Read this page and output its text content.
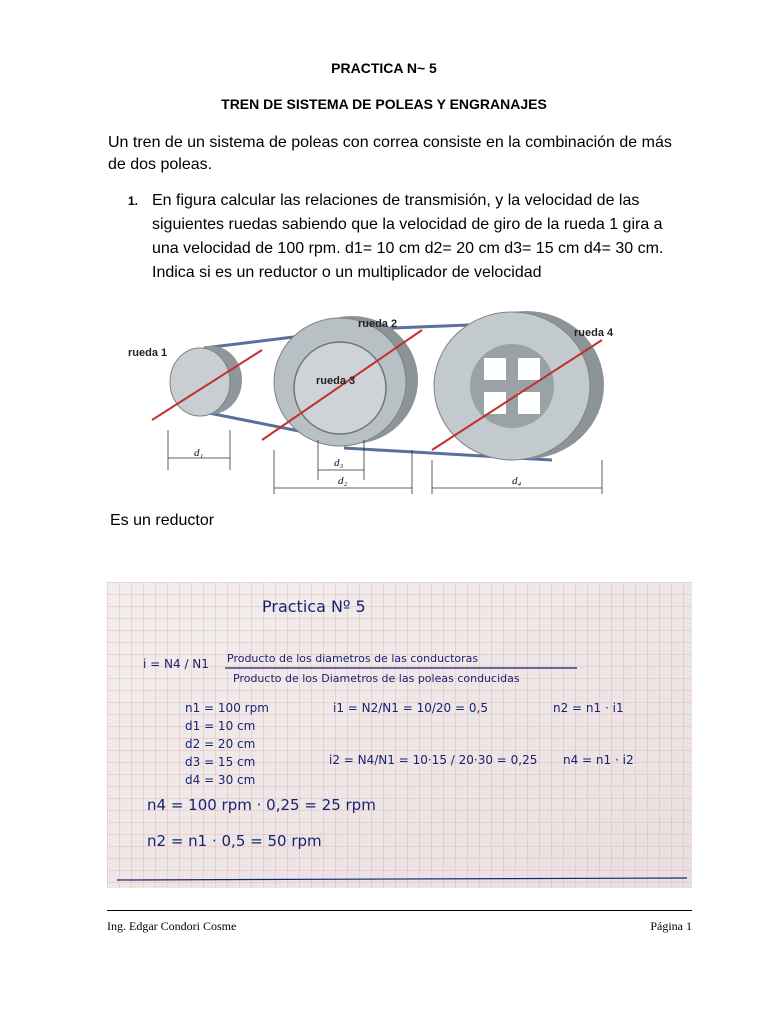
PRACTICA N~ 5
TREN DE SISTEMA DE POLEAS Y ENGRANAJES
Un tren de un sistema de poleas con correa consiste en la combinación de más de dos poleas.
1. En figura calcular las relaciones de transmisión, y la velocidad de las siguientes ruedas sabiendo que la velocidad de giro de la rueda 1 gira a una velocidad de 100 rpm. d1= 10 cm d2= 20 cm d3= 15 cm d4= 30 cm. Indica si es un reductor o un multiplicador de velocidad
rueda 1
rueda 2
rueda 3
rueda 4
d₁
d₃
d₂	d₄
Es un reductor
Practica Nº 5
i = N4 / N1 Producto de los diametros de las conductoras
Producto de los Diametros de las poleas conducidas
n1 = 100 rpm
d1 = 10 cm
d2 = 20 cm
d3 = 15 cm
d4 = 30 cm
i1 = N2/N1 = 10/20 = 0,5	n2 = n1 · i1
i2 = N4/N1 = 10·15 / 20·30 = 0,25 n4 = n1 · i2
n4 = 100 rpm · 0,25 = 25 rpm
n2 = n1 · 0,5 = 50 rpm
Ing. Edgar Condori Cosme	Página 1
